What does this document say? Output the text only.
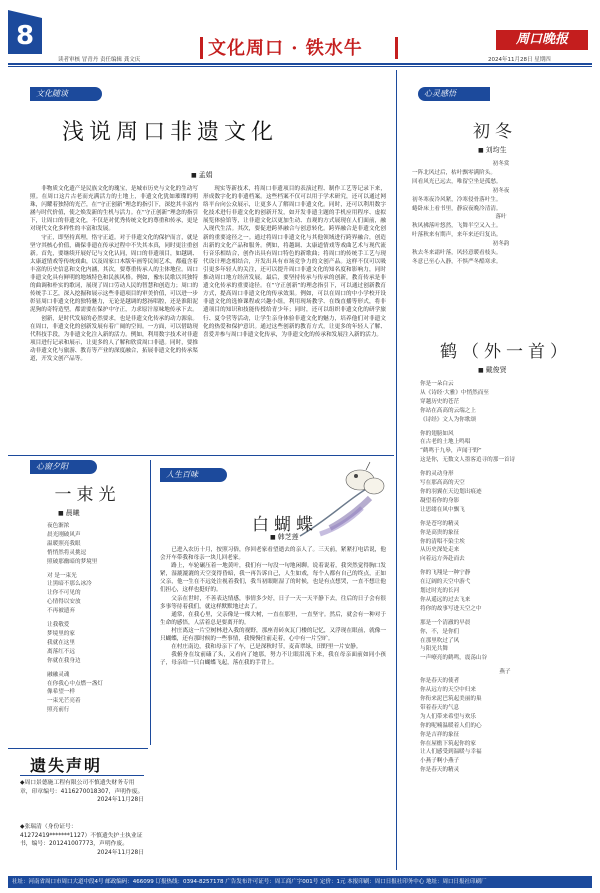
8
读者审核 冒青丹 责任编辑 龚文庆
文化周口 · 铁水牛	周口晚报
2024年11月28日 星期四
文化随谈
浅说周口非遗文化
■ 孟娟

非物质文化遗产是民族文化的瑰宝，是城市历史与文化的生动写照。在周口这片古老而充满活力的土地上，非遗文化犹如璀璨的明珠，闪耀着独特的光芒，在“守正创新”理念的指引下，深挖其丰富内涵与时代价值，使之焕发新的生机与活力。在“守正创新”理念的指引下，让周口的非遗文化，不仅是对优秀传统文化的尊重和传承，更是对现代文化多样性的丰富和发展。

守正，即坚持真理，恪守正道。对于非遗文化的保护而言，就是坚守其核心价值，确保非遗在传承过程中不失其本真，同时更注重创新。首先，要继续开展好记与文化认同，周口的非遗项目，如越调、太康道情戏等传统戏曲，以及周家口木版年画等民间艺术，都蕴含着丰富的历史信息和文化内涵，其次，要尊重传承人的主体地位。周口非遗文化具有鲜明的地域特色和民族风格。例如，豫东民歌以其独特的曲调和朴实的歌词，展现了周口劳动人民的智慧和创造力；周口的传统手工艺，深入挖掘和展示这些非遗项目的审美价值，可以进一步彰显周口非遗文化的独特魅力，无论是越调的悠扬唱腔，还是淮阳泥泥狗的奇特造型，都需要在保护中守正，力求原汁原味地传承下去。

创新，是时代发展的必然要求，也是非遗文化传承的动力源泉。在周口，非遗文化的创新发展有着广阔的空间。一方面，可以借助现代科技手段，为非遗文化注入新的活力。例如，利用数字技术对非遗项目进行记录和展示，让更多的人了解和欣赏周口非遗。同时，要推动非遗文化与旅游、教育等产业的深度融合，拓展非遗文化的传承渠道，开发文创产品等。

现实等新技术，将周口非遗项目的表演过程、制作工艺等记录下来，形成数字化的非遗档案。这些档案不仅可以用于学术研究，还可以通过网络平台向公众展示，让更多人了解周口非遗文化。同时，还可以利用数字化技术进行非遗文化的创新开发，如开发非遗主题的手机应用程序、虚拟展览体验馆等，让非遗文化以更加生动、直观的方式展现在人们面前，融入现代生活。其次，要促进跨界融合与创意转化。跨界融合是非遗文化创新的重要途径之一。通过将周口非遗文化与其他领域进行跨界融合，创造出新的文化产品和服务。例如，将越调、太康道情戏等戏曲艺术与现代流行音乐相结合，创作出具有周口特色的新歌曲；将周口的传统手工艺与现代设计理念相结合，开发出具有市场竞争力的文创产品。这样不仅可以吸引更多年轻人的关注，还可以提升周口非遗文化的知名度和影响力，同时推动周口地方经济发展。最后，要坚持传承与传承的创新，教育传承是非遗文化传承的重要途径。在“守正创新”的理念指引下，可以通过创新教育方式，提高周口非遗文化的传承效果。例如，可以在周口的中小学校开设非遗文化的选修课程或兴趣小组，利用现场教学、在线直播等形式，将非遗项目的知识和技能传授给青少年；同时，还可以组织非遗文化的研学旅行、夏令营等活动，让学生亲身体验非遗文化的魅力，培养他们对非遗文化的热爱和保护意识。通过这些创新的教育方式，让更多的年轻人了解、喜爱并参与周口非遗文化传承，为非遗文化的传承和发展注入新的活力。

心窗夕阳
一束光
■ 晨曦
夜色渐浓
晨光刚破风声
温暖照亮我眼
悄悄然将灵挑逗
照破那幽暗的梦境里
对 是一束光
让黑暗不那么冰冷
让你不可见的
心情得以安放
不再被遗弃
让我敬爱
梦境里的家
我就在这里
离落红不远
你就在我身边
融融灵魂
在你我心中点燃一盏灯
像希望一样
一束光芒亮着
照亮前行
遗失声明
◆周口景德施工程有限公司不慎遗失财务专用章，印章编号：4116270018307，声明作废。
2024年11月28日
◆张瑞清（身份证号：41272419*******1127）不慎遗失护士执业证书，编号：201241007773，声明作废。
2024年11月28日
人生百味
白蝴蝶
■ 韩芝莲

已进入农历十月，按照习俗，你回老家看望逝去的亲人了。三天前，紧紧打电话说，他会开车带我和母亲一块儿回老家。

路上，车轮碾压着一地黄叶，我们有一句没一句地闲聊。说着说着，我突然觉得胸口发紧，湿漉漉漉的天空变得昏暗，我一再告诉自己，人生如戏，每个人都有自己的终点，正如父亲，他一生在不远处注视着我们，我当初眼眶湿了的时候，也是有点想哭，一直不想让他们担心，这样也挺好的。

父亲在世时，不善表达情感，事情多少好，日子一天一天平静下去，往后的日子会有很多事等待着我们，就这样默默地过去了。

通常，在我心里，父亲像是一棵大树，一直在那里，一直坚守。然后，就会有一种对于生命的感悟，人活着总是要离开的。

村庄离这一片空树林进入我的视野，那座青砖灰瓦门楼的记忆，又浮现在眼前，就像一只蝴蝶，还有那时候的一些事情，我慢慢往前走着，心中有一片空旷。

在村庄南边，我和母亲下了车，已是深秋时节，麦苗翠绿，田野里一片安静。

我俯身在坟前磕了头，又看向了她那，努力不让眼泪流下来，我在母亲面前如同小孩子，母亲给一只白蝴蝶飞起，落在我的手背上。

心灵感悟
初冬
■ 刘均生
初冬赏
一阵北风过后，枯叶飘零满阶头。
回看风光已远去，唯留空坐是孤愁。
初冬夜
初冬寒夜冷风紧，冷寒侵骨落叶生。
蜷卧床上看书里，静寂夜晚冷清清。
落叶
秋风拂落叶悠然，飞舞半空又入土。
叶落秋来有期声，来年来还归复出。
初冬韵
秋去冬来霜叶落，风轻意暖看枝头。
冬意已至心入静，不惧严冬酷寒求。
鹤（外一首）
■ 戴俊贤
你是一朵白云
从《诗经·大雅》中悄然而至
穿越历史的苍茫
你站在高高的云端之上
《诗经》文人为你歌颂
你的翅膀如风
在古老的土地上鸣唱
“鹤鸣于九皋，声闻于野”
这是你，无数文人墨客追寻的那一首诗
你的灵动身形
写在那高高的天空
你的羽翼在天边划出痕迹
凝望着你的身影
让思绪在风中飘飞
你是苍穹的精灵
你是高贵的象征
你的清唱不染尘埃
从历史深处走来
向着远方奔赴而去
你的飞翔是一种宁静
在辽阔的天空中游弋
划过时光的长河
你从遥远的过去飞来
将你的故事写进天空之中
那是一个清澈的早晨
你，不，是你们
在那里吹过了风
与阳光共舞
一声嘹亮的鹤鸣，震荡山谷
燕子
你是春天的使者
你从远方的天空中归来
你衔来泥巴筑起美丽的巢
带着春天的气息
为人们带来希望与欢乐
你的呢喃温暖着人们的心
你是吉祥的象征
你在屋檐下筑起你的家
让人们感受到温暖与幸福
小燕子啊小燕子
你是春天的精灵
社址：河南省周口市周口大道中段4号 邮政编码：466099 订报热线：0394-8257178 广告发布许可证号：周工商广字001号 定价：1元 本报印刷：周口日报社印务中心 地址：周口日报社印刷厂
